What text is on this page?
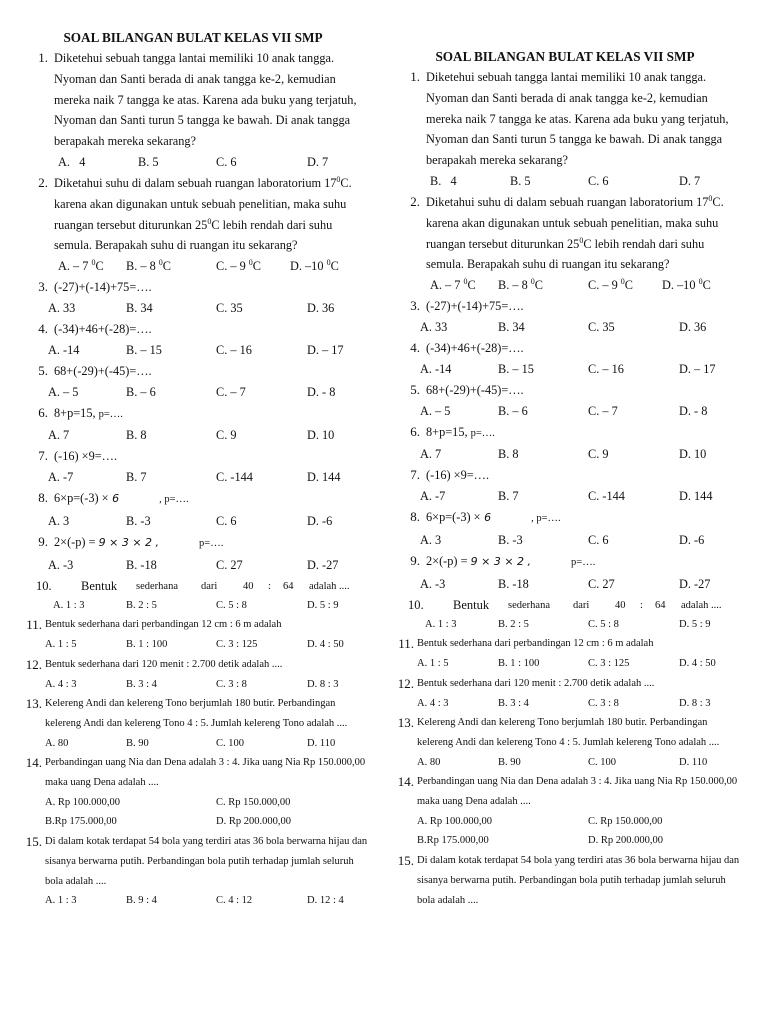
SOAL BILANGAN BULAT KELAS VII SMP
1. Diketehui sebuah tangga lantai memiliki 10 anak tangga. Nyoman dan Santi berada di anak tangga ke-2, kemudian mereka naik 7 tangga ke atas. Karena ada buku yang terjatuh, Nyoman dan Santi turun 5 tangga ke bawah. Di anak tangga berapakah mereka sekarang?
A. 4	B. 5	C. 6	D. 7
2. Diketahui suhu di dalam sebuah ruangan laboratorium $17^0C$. karena akan digunakan untuk sebuah penelitian, maka suhu ruangan tersebut diturunkan $25^0C$ lebih rendah dari suhu semula. Berapakah suhu di ruangan itu sekarang?
A. – 7 $^0$C B. – 8 $^0$C	C. – 9 $^0$C D. –10 $^0$C
3. (-27)+(-14)+75=….
A. 33	B. 34	C. 35	D. 36
4. (-34)+46+(-28)=….
A. -14	B. – 15	C. – 16	D. – 17
5. 68+(-29)+(-45)=….
A. – 5	B. – 6	C. – 7	D. - 8
6. 8+p=15, p=….
A. 7	B. 8	C. 9	D. 10
7. (-16) ×9=….
A. -7	B. 7	C. -144	D. 144
8. 6×p=(-3) × 6	, p=….
A. 3	B. -3	C. 6	D. -6
9. 2×(-p) = 9 × 3 × 2 ,	p=….
A. -3	B. -18	C. 27	D. -27
10. Bentuk sederhana dari 40 : 64 adalah ....
A. 1 : 3	B. 2 : 5	C. 5 : 8	D. 5 : 9
11. Bentuk sederhana dari perbandingan 12 cm : 6 m adalah
A. 1 : 5	B. 1 : 100	C. 3 : 125	D. 4 : 50
12. Bentuk sederhana dari 120 menit : 2.700 detik adalah ....
A. 4 : 3	B. 3 : 4	C. 3 : 8	D. 8 : 3
13. Kelereng Andi dan kelereng Tono berjumlah 180 butir. Perbandingan kelereng Andi dan kelereng Tono 4 : 5. Jumlah kelereng Tono adalah ....
A. 80	B. 90	C. 100	D. 110
14. Perbandingan uang Nia dan Dena adalah 3 : 4. Jika uang Nia Rp 150.000,00 maka uang Dena adalah ....
A. Rp 100.000,00	C. Rp 150.000,00
B.Rp 175.000,00	D. Rp 200.000,00
15. Di dalam kotak terdapat 54 bola yang terdiri atas 36 bola berwarna hijau dan sisanya berwarna putih. Perbandingan bola putih terhadap jumlah seluruh bola adalah ....
A. 1 : 3	B. 9 : 4	C. 4 : 12	D. 12 : 4
SOAL BILANGAN BULAT KELAS VII SMP
1. Diketehui sebuah tangga lantai memiliki 10 anak tangga. Nyoman dan Santi berada di anak tangga ke-2, kemudian mereka naik 7 tangga ke atas. Karena ada buku yang terjatuh, Nyoman dan Santi turun 5 tangga ke bawah. Di anak tangga berapakah mereka sekarang?
B. 4	B. 5	C. 6	D. 7
2. Diketahui suhu di dalam sebuah ruangan laboratorium $17^0C$. karena akan digunakan untuk sebuah penelitian, maka suhu ruangan tersebut diturunkan $25^0C$ lebih rendah dari suhu semula. Berapakah suhu di ruangan itu sekarang?
A. – 7 $^0$C B. – 8 $^0$C	C. – 9 $^0$C D. –10 $^0$C
3. (-27)+(-14)+75=….
A. 33	B. 34	C. 35	D. 36
4. (-34)+46+(-28)=….
A. -14	B. – 15	C. – 16	D. – 17
5. 68+(-29)+(-45)=….
A. – 5	B. – 6	C. – 7	D. - 8
6. 8+p=15, p=….
A. 7	B. 8	C. 9	D. 10
7. (-16) ×9=….
A. -7	B. 7	C. -144	D. 144
8. 6×p=(-3) × 6	, p=….
A. 3	B. -3	C. 6	D. -6
9. 2×(-p) = 9 × 3 × 2 ,	p=….
A. -3	B. -18	C. 27	D. -27
10. Bentuk sederhana dari 40 : 64 adalah ....
A. 1 : 3	B. 2 : 5	C. 5 : 8	D. 5 : 9
11. Bentuk sederhana dari perbandingan 12 cm : 6 m adalah
A. 1 : 5	B. 1 : 100	C. 3 : 125	D. 4 : 50
12. Bentuk sederhana dari 120 menit : 2.700 detik adalah ....
A. 4 : 3	B. 3 : 4	C. 3 : 8	D. 8 : 3
13. Kelereng Andi dan kelereng Tono berjumlah 180 butir. Perbandingan kelereng Andi dan kelereng Tono 4 : 5. Jumlah kelereng Tono adalah ....
A. 80	B. 90	C. 100	D. 110
14. Perbandingan uang Nia dan Dena adalah 3 : 4. Jika uang Nia Rp 150.000,00 maka uang Dena adalah ....
A. Rp 100.000,00	C. Rp 150.000,00
B.Rp 175.000,00	D. Rp 200.000,00
15. Di dalam kotak terdapat 54 bola yang terdiri atas 36 bola berwarna hijau dan sisanya berwarna putih. Perbandingan bola putih terhadap jumlah seluruh bola adalah ....
